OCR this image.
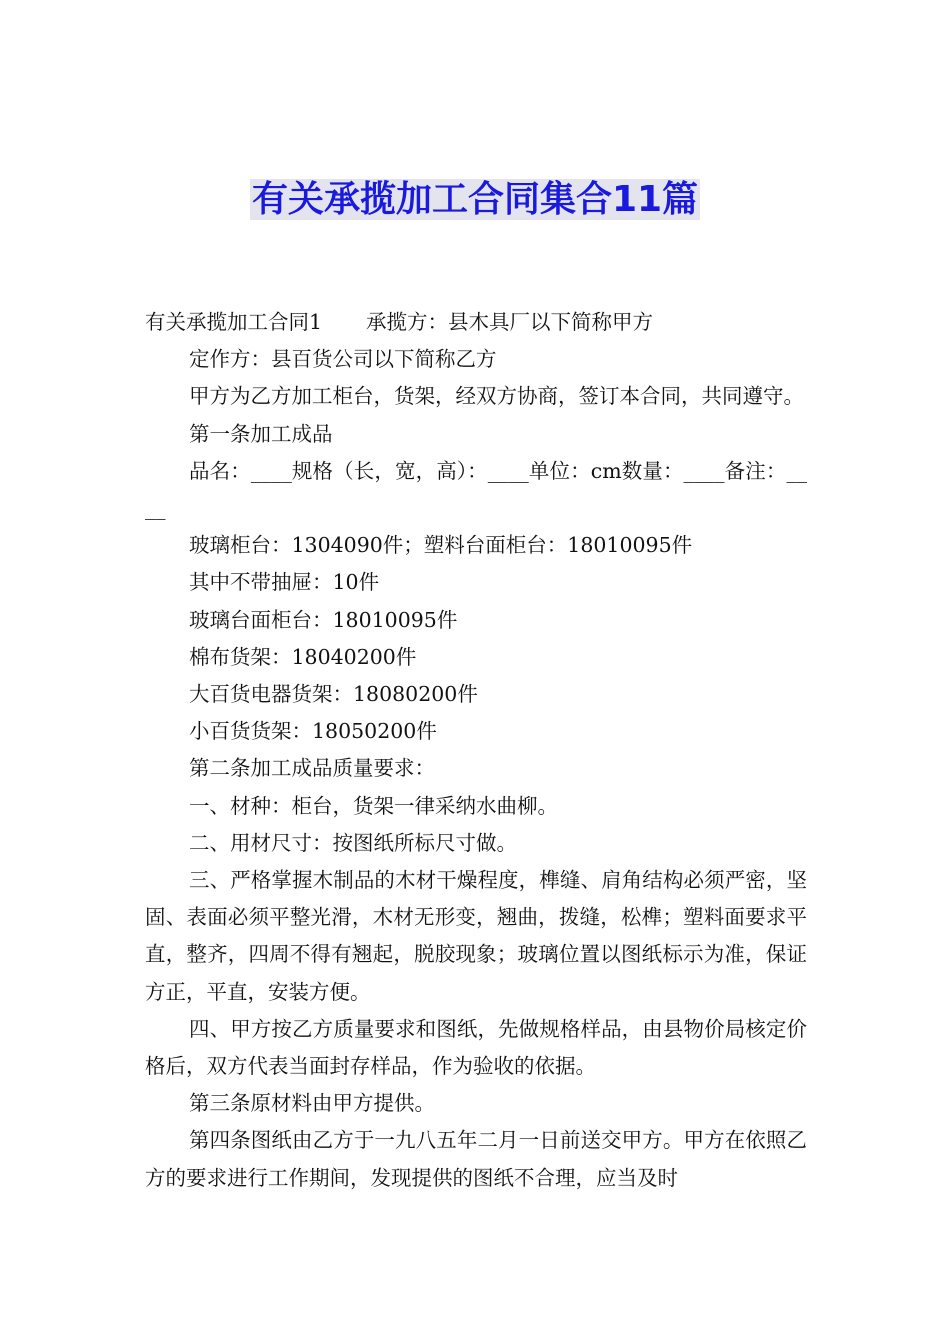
有关承揽加工合同集合11篇

有关承揽加工合同1 承揽方：县木具厂以下简称甲方

定作方：县百货公司以下简称乙方

甲方为乙方加工柜台，货架，经双方协商，签订本合同，共同遵守。

第一条加工成品

品名：____规格（长，宽，高）：____单位：cm数量：____备注：____

玻璃柜台：1304090件；塑料台面柜台：18010095件

其中不带抽屉：10件

玻璃台面柜台：18010095件

棉布货架：18040200件

大百货电器货架：18080200件

小百货货架：18050200件

第二条加工成品质量要求：

一、材种：柜台，货架一律采纳水曲柳。

二、用材尺寸：按图纸所标尺寸做。

三、严格掌握木制品的木材干燥程度，榫缝、肩角结构必须严密，坚固、表面必须平整光滑，木材无形变，翘曲，拨缝，松榫；塑料面要求平直，整齐，四周不得有翘起，脱胶现象；玻璃位置以图纸标示为准，保证方正，平直，安装方便。

四、甲方按乙方质量要求和图纸，先做规格样品，由县物价局核定价格后，双方代表当面封存样品，作为验收的依据。

第三条原材料由甲方提供。

第四条图纸由乙方于一九八五年二月一日前送交甲方。甲方在依照乙方的要求进行工作期间，发现提供的图纸不合理，应当及时
